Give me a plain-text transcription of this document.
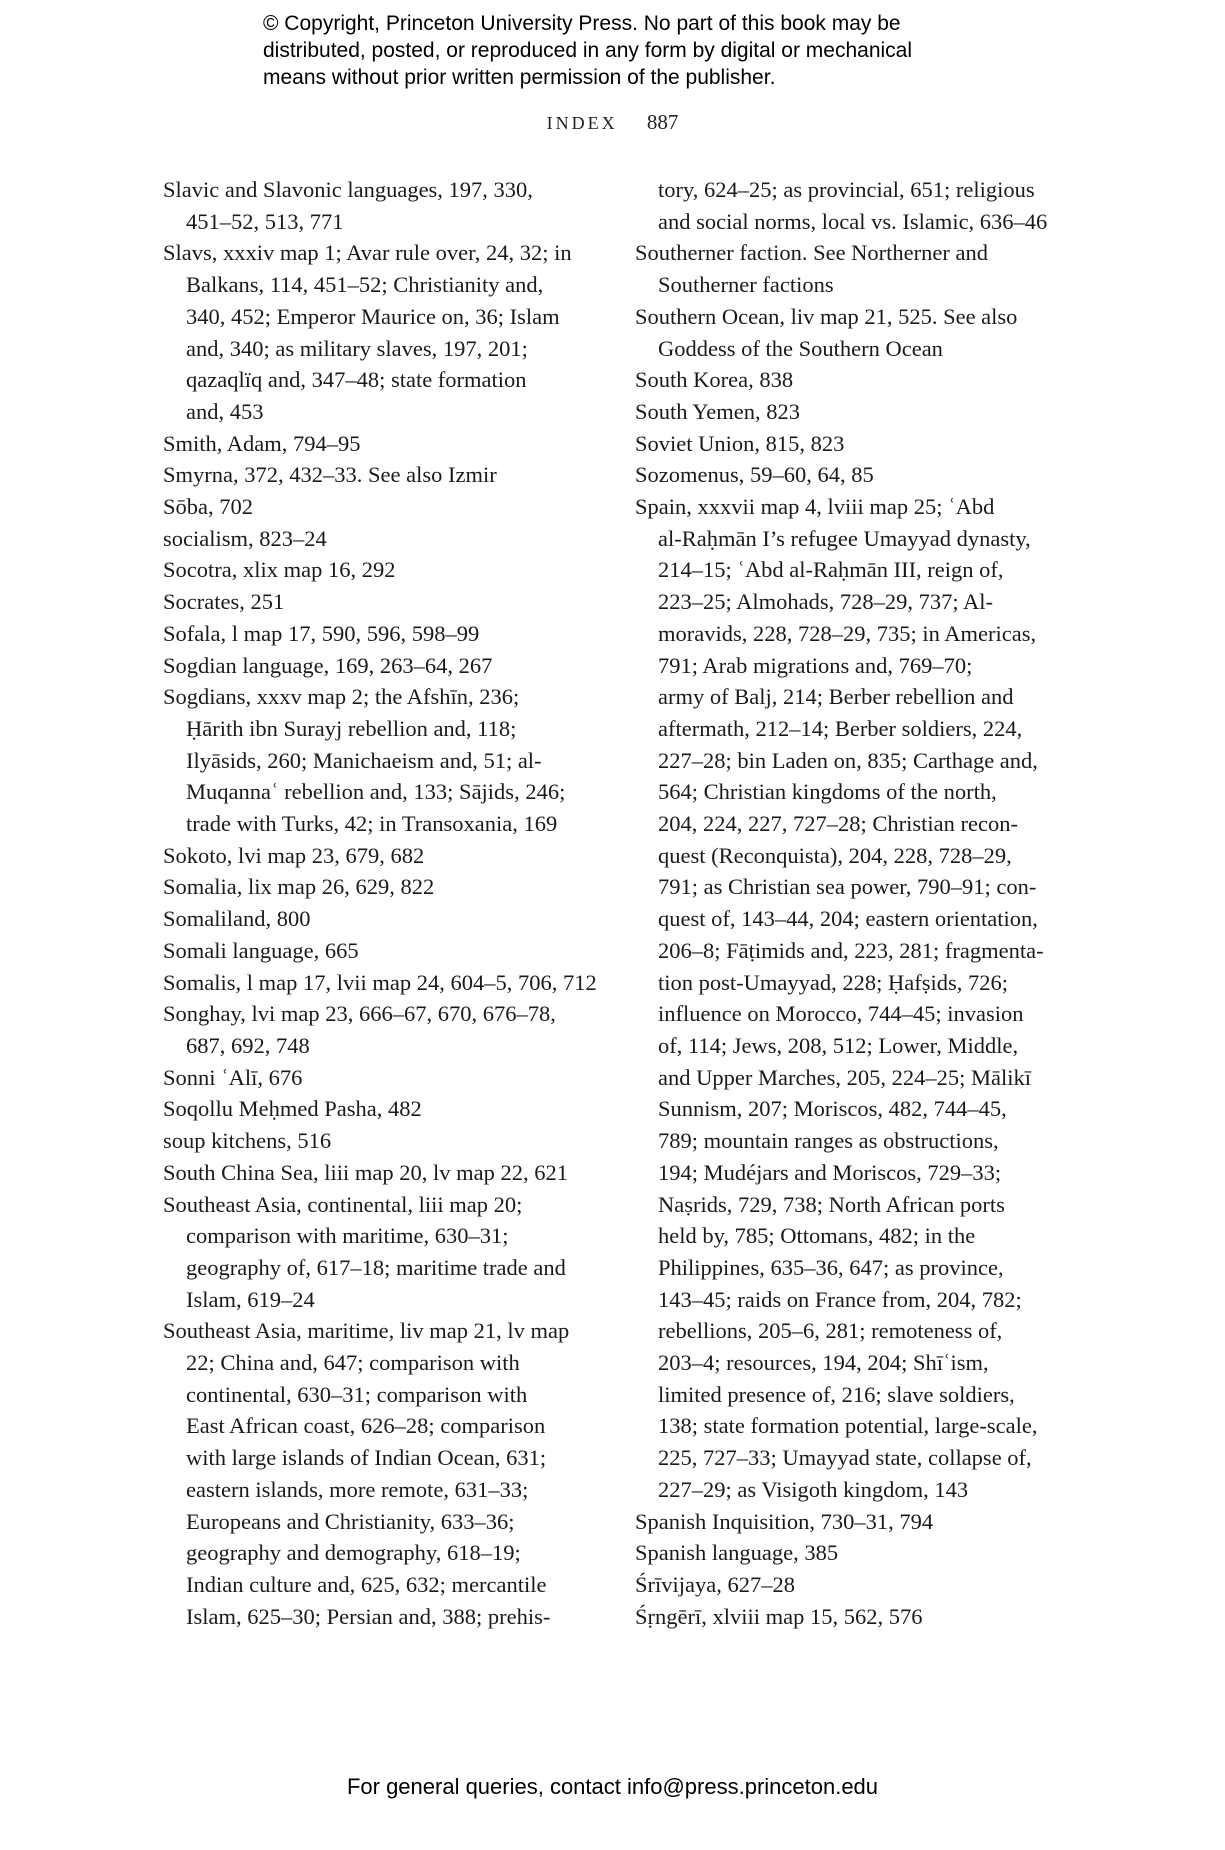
© Copyright, Princeton University Press. No part of this book may be
distributed, posted, or reproduced in any form by digital or mechanical
means without prior written permission of the publisher.
INDEX 887
Slavic and Slavonic languages, 197, 330,
451–52, 513, 771
Slavs, xxxiv map 1; Avar rule over, 24, 32; in
Balkans, 114, 451–52; Christianity and,
340, 452; Emperor Maurice on, 36; Islam
and, 340; as military slaves, 197, 201;
qazaqlïq and, 347–48; state formation
and, 453
Smith, Adam, 794–95
Smyrna, 372, 432–33. See also Izmir
Sōba, 702
socialism, 823–24
Socotra, xlix map 16, 292
Socrates, 251
Sofala, l map 17, 590, 596, 598–99
Sogdian language, 169, 263–64, 267
Sogdians, xxxv map 2; the Afshīn, 236;
Ḥārith ibn Surayj rebellion and, 118;
Ilyāsids, 260; Manichaeism and, 51; al-
Muqannaʿ rebellion and, 133; Sājids, 246;
trade with Turks, 42; in Transoxania, 169
Sokoto, lvi map 23, 679, 682
Somalia, lix map 26, 629, 822
Somaliland, 800
Somali language, 665
Somalis, l map 17, lvii map 24, 604–5, 706, 712
Songhay, lvi map 23, 666–67, 670, 676–78,
687, 692, 748
Sonni ʿAlī, 676
Soqollu Meḥmed Pasha, 482
soup kitchens, 516
South China Sea, liii map 20, lv map 22, 621
Southeast Asia, continental, liii map 20;
comparison with maritime, 630–31;
geography of, 617–18; maritime trade and
Islam, 619–24
Southeast Asia, maritime, liv map 21, lv map
22; China and, 647; comparison with
continental, 630–31; comparison with
East African coast, 626–28; comparison
with large islands of Indian Ocean, 631;
eastern islands, more remote, 631–33;
Europeans and Christianity, 633–36;
geography and demography, 618–19;
Indian culture and, 625, 632; mercantile
Islam, 625–30; Persian and, 388; prehis-
tory, 624–25; as provincial, 651; religious
and social norms, local vs. Islamic, 636–46
Southerner faction. See Northerner and
Southerner factions
Southern Ocean, liv map 21, 525. See also
Goddess of the Southern Ocean
South Korea, 838
South Yemen, 823
Soviet Union, 815, 823
Sozomenus, 59–60, 64, 85
Spain, xxxvii map 4, lviii map 25; ʿAbd
al-Raḥmān I’s refugee Umayyad dynasty,
214–15; ʿAbd al-Raḥmān III, reign of,
223–25; Almohads, 728–29, 737; Al-
moravids, 228, 728–29, 735; in Americas,
791; Arab migrations and, 769–70;
army of Balj, 214; Berber rebellion and
aftermath, 212–14; Berber soldiers, 224,
227–28; bin Laden on, 835; Carthage and,
564; Christian kingdoms of the north,
204, 224, 227, 727–28; Christian recon-
quest (Reconquista), 204, 228, 728–29,
791; as Christian sea power, 790–91; con-
quest of, 143–44, 204; eastern orientation,
206–8; Fāṭimids and, 223, 281; fragmenta-
tion post-Umayyad, 228; Ḥafṣids, 726;
influence on Morocco, 744–45; invasion
of, 114; Jews, 208, 512; Lower, Middle,
and Upper Marches, 205, 224–25; Mālikī
Sunnism, 207; Moriscos, 482, 744–45,
789; mountain ranges as obstructions,
194; Mudéjars and Moriscos, 729–33;
Naṣrids, 729, 738; North African ports
held by, 785; Ottomans, 482; in the
Philippines, 635–36, 647; as province,
143–45; raids on France from, 204, 782;
rebellions, 205–6, 281; remoteness of,
203–4; resources, 194, 204; Shīʿism,
limited presence of, 216; slave soldiers,
138; state formation potential, large-scale,
225, 727–33; Umayyad state, collapse of,
227–29; as Visigoth kingdom, 143
Spanish Inquisition, 730–31, 794
Spanish language, 385
Śrīvijaya, 627–28
Śṛngērī, xlviii map 15, 562, 576
For general queries, contact info@press.princeton.edu
